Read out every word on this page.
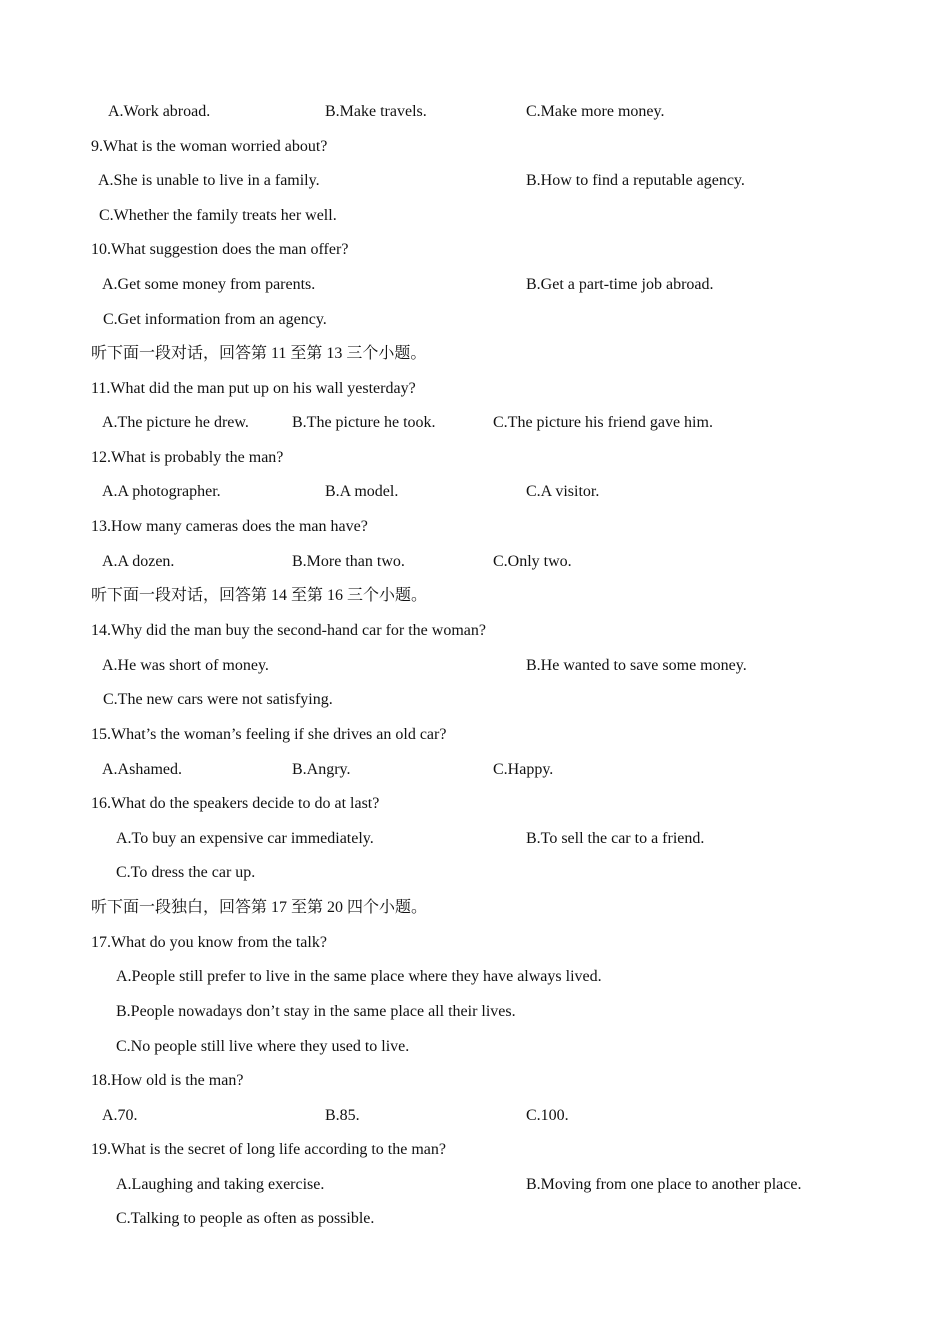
A.Work abroad.	B.Make travels.	C.Make more money.
9.What is the woman worried about?
A.She is unable to live in a family.	B.How to find a reputable agency.
C.Whether the family treats her well.
10.What suggestion does the man offer?
A.Get some money from parents.	B.Get a part-time job abroad.
C.Get information from an agency.
听下面一段对话，回答第 11 至第 13 三个小题。
11.What did the man put up on his wall yesterday?
A.The picture he drew.	B.The picture he took.	C.The picture his friend gave him.
12.What is probably the man?
A.A photographer.	B.A model.	C.A visitor.
13.How many cameras does the man have?
A.A dozen.	B.More than two.	C.Only two.
听下面一段对话，回答第 14 至第 16 三个小题。
14.Why did the man buy the second-hand car for the woman?
A.He was short of money.	B.He wanted to save some money.
C.The new cars were not satisfying.
15.What’s the woman’s feeling if she drives an old car?
A.Ashamed.	B.Angry.	C.Happy.
16.What do the speakers decide to do at last?
A.To buy an expensive car immediately.	B.To sell the car to a friend.
C.To dress the car up.
听下面一段独白，回答第 17 至第 20 四个小题。
17.What do you know from the talk?
A.People still prefer to live in the same place where they have always lived.
B.People nowadays don’t stay in the same place all their lives.
C.No people still live where they used to live.
18.How old is the man?
A.70.	B.85.	C.100.
19.What is the secret of long life according to the man?
A.Laughing and taking exercise.	B.Moving from one place to another place.
C.Talking to people as often as possible.
